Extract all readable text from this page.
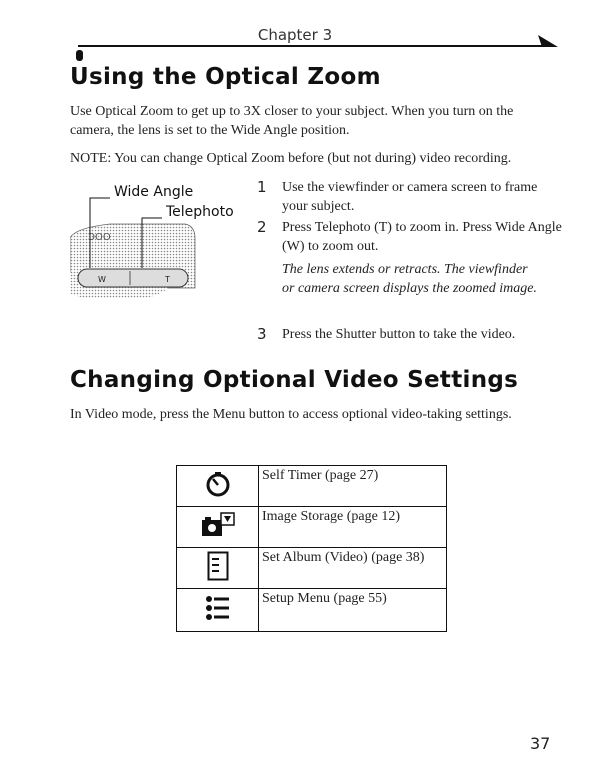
Chapter 3
Using the Optical Zoom

Use Optical Zoom to get up to 3X closer to your subject. When you turn on the camera, the lens is set to the Wide Angle position.

NOTE: You can change Optical Zoom before (but not during) video recording.

W	T
ƆОО
Wide Angle
Telephoto
1 Use the viewfinder or camera screen to frame your subject.
2 Press Telephoto (T) to zoom in. Press Wide Angle (W) to zoom out.
The lens extends or retracts. The viewfinder or camera screen displays the zoomed image.
3 Press the Shutter button to take the video.
Changing Optional Video Settings

In Video mode, press the Menu button to access optional video-taking settings.

	Self Timer (page 27)
	Image Storage (page 12)
	Set Album (Video) (page 38)
	Setup Menu (page 55)
37
